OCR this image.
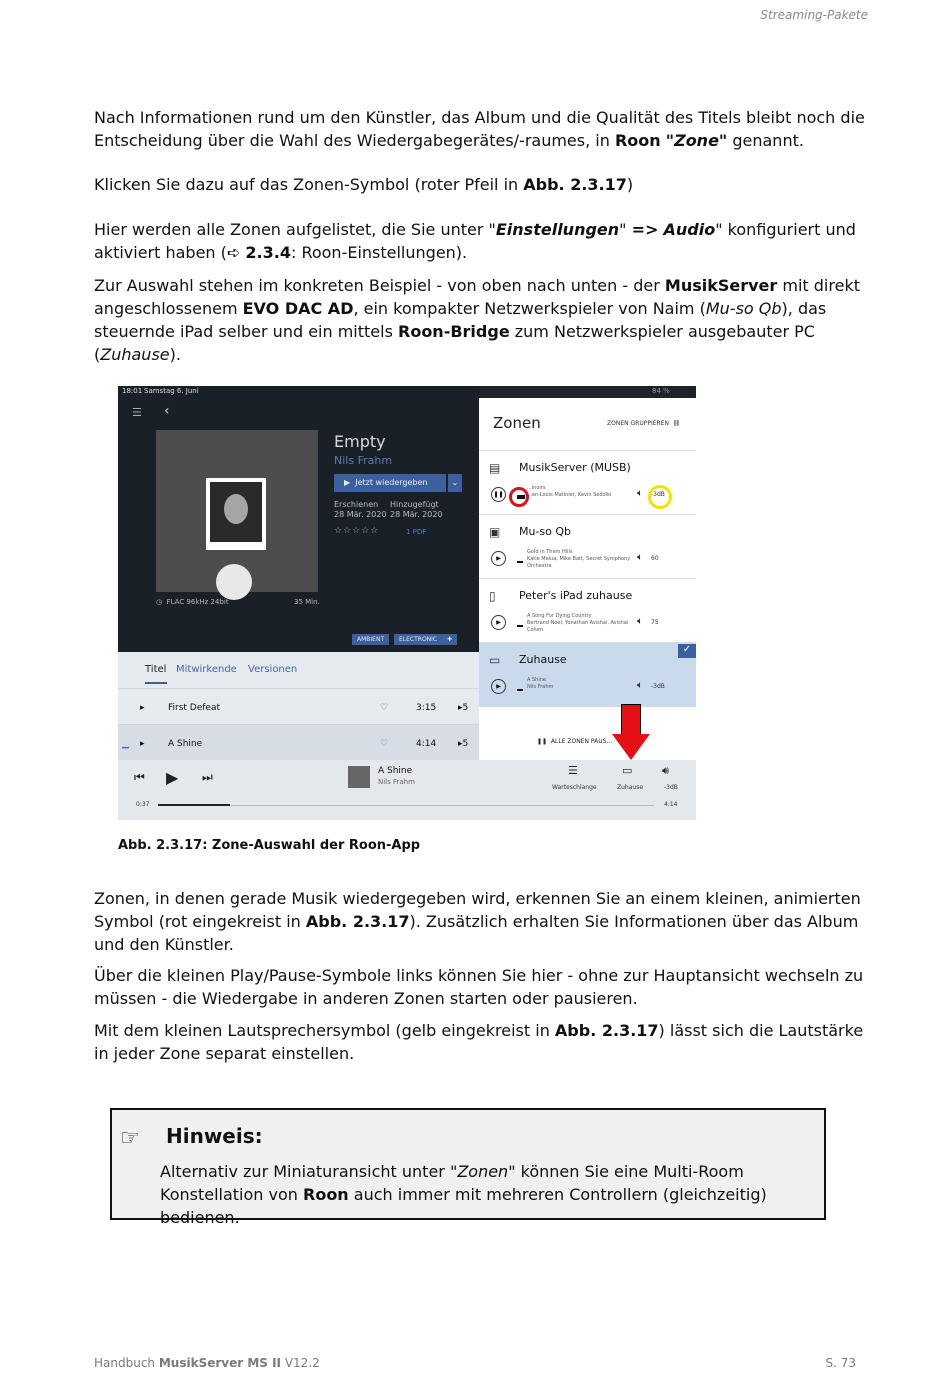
Streaming-Pakete
Nach Informationen rund um den Künstler, das Album und die Qualität des Titels bleibt noch die Entscheidung über die Wahl des Wiedergabegerätes/-raumes, in Roon "Zone" genannt.
Klicken Sie dazu auf das Zonen-Symbol (roter Pfeil in Abb. 2.3.17)
Hier werden alle Zonen aufgelistet, die Sie unter "Einstellungen" => Audio" konfiguriert und aktiviert haben (➪ 2.3.4: Roon-Einstellungen).
Zur Auswahl stehen im konkreten Beispiel - von oben nach unten - der MusikServer mit direkt angeschlossenem EVO DAC AD, ein kompakter Netzwerkspieler von Naim (Mu-so Qb), das steuernde iPad selber und ein mittels Roon-Bridge zum Netzwerkspieler ausgebauter PC (Zuhause).
18:01 Samstag 6. Juni	84 %
☰ ‹
Empty
Nils Frahm
▶  Jetzt wiedergeben	⌄
Erschienen
28 Mär. 2020
Hinzugefügt
28 Mär. 2020
☆☆☆☆☆	1 PDF
◷  FLAC 96kHz 24bit	35 Min.
AMBIENT	ELECTRONIC	✚
Titel Mitwirkende Versionen
▸	First Defeat	♡	3:15 ▸5
▁ ▸	A Shine	♡	4:14 ▸5
⏮ ▶ ⏭	A Shine
Nils Frahm
☰
Warteschlange
▭
Zuhause
🔊︎
-3dB
0:37	4:14
Zonen	ZONEN GRUPPIEREN ⛓
▤ MusikServer (MUSB)
❚❚
...ínoirs
...an-Louis Matinier, Kevin Seddiki	🔈︎ -3dB
▣ Mu-so Qb
▶
Gold in Them Hills
Katie Melua, Mike Batt, Secret Symphony Orchestra
🔈︎ 60
▯ Peter's iPad zuhause
▶
A Song For Dying Country
Bertrand Noel, Yonathan Avishai, Avishai Cohen
🔈︎ 75
▭ Zuhause
▶
A Shine
Nils Frahm	🔈︎ -3dB
❚❚  ALLE ZONEN PAUS...
✓
Abb. 2.3.17: Zone-Auswahl der Roon-App
Zonen, in denen gerade Musik wiedergegeben wird, erkennen Sie an einem kleinen, animierten Symbol (rot eingekreist in Abb. 2.3.17). Zusätzlich erhalten Sie Informationen über das Album und den Künstler.
Über die kleinen Play/Pause-Symbole links können Sie hier - ohne zur Hauptansicht wechseln zu müssen - die Wiedergabe in anderen Zonen starten oder pausieren.
Mit dem kleinen Lautsprechersymbol (gelb eingekreist in Abb. 2.3.17) lässt sich die Lautstärke in jeder Zone separat einstellen.
☞ Hinweis:
Alternativ zur Miniaturansicht unter "Zonen" können Sie eine Multi-Room Konstellation von Roon auch immer mit mehreren Controllern (gleichzeitig) bedienen.
Handbuch MusikServer MS II V12.2	S. 73
